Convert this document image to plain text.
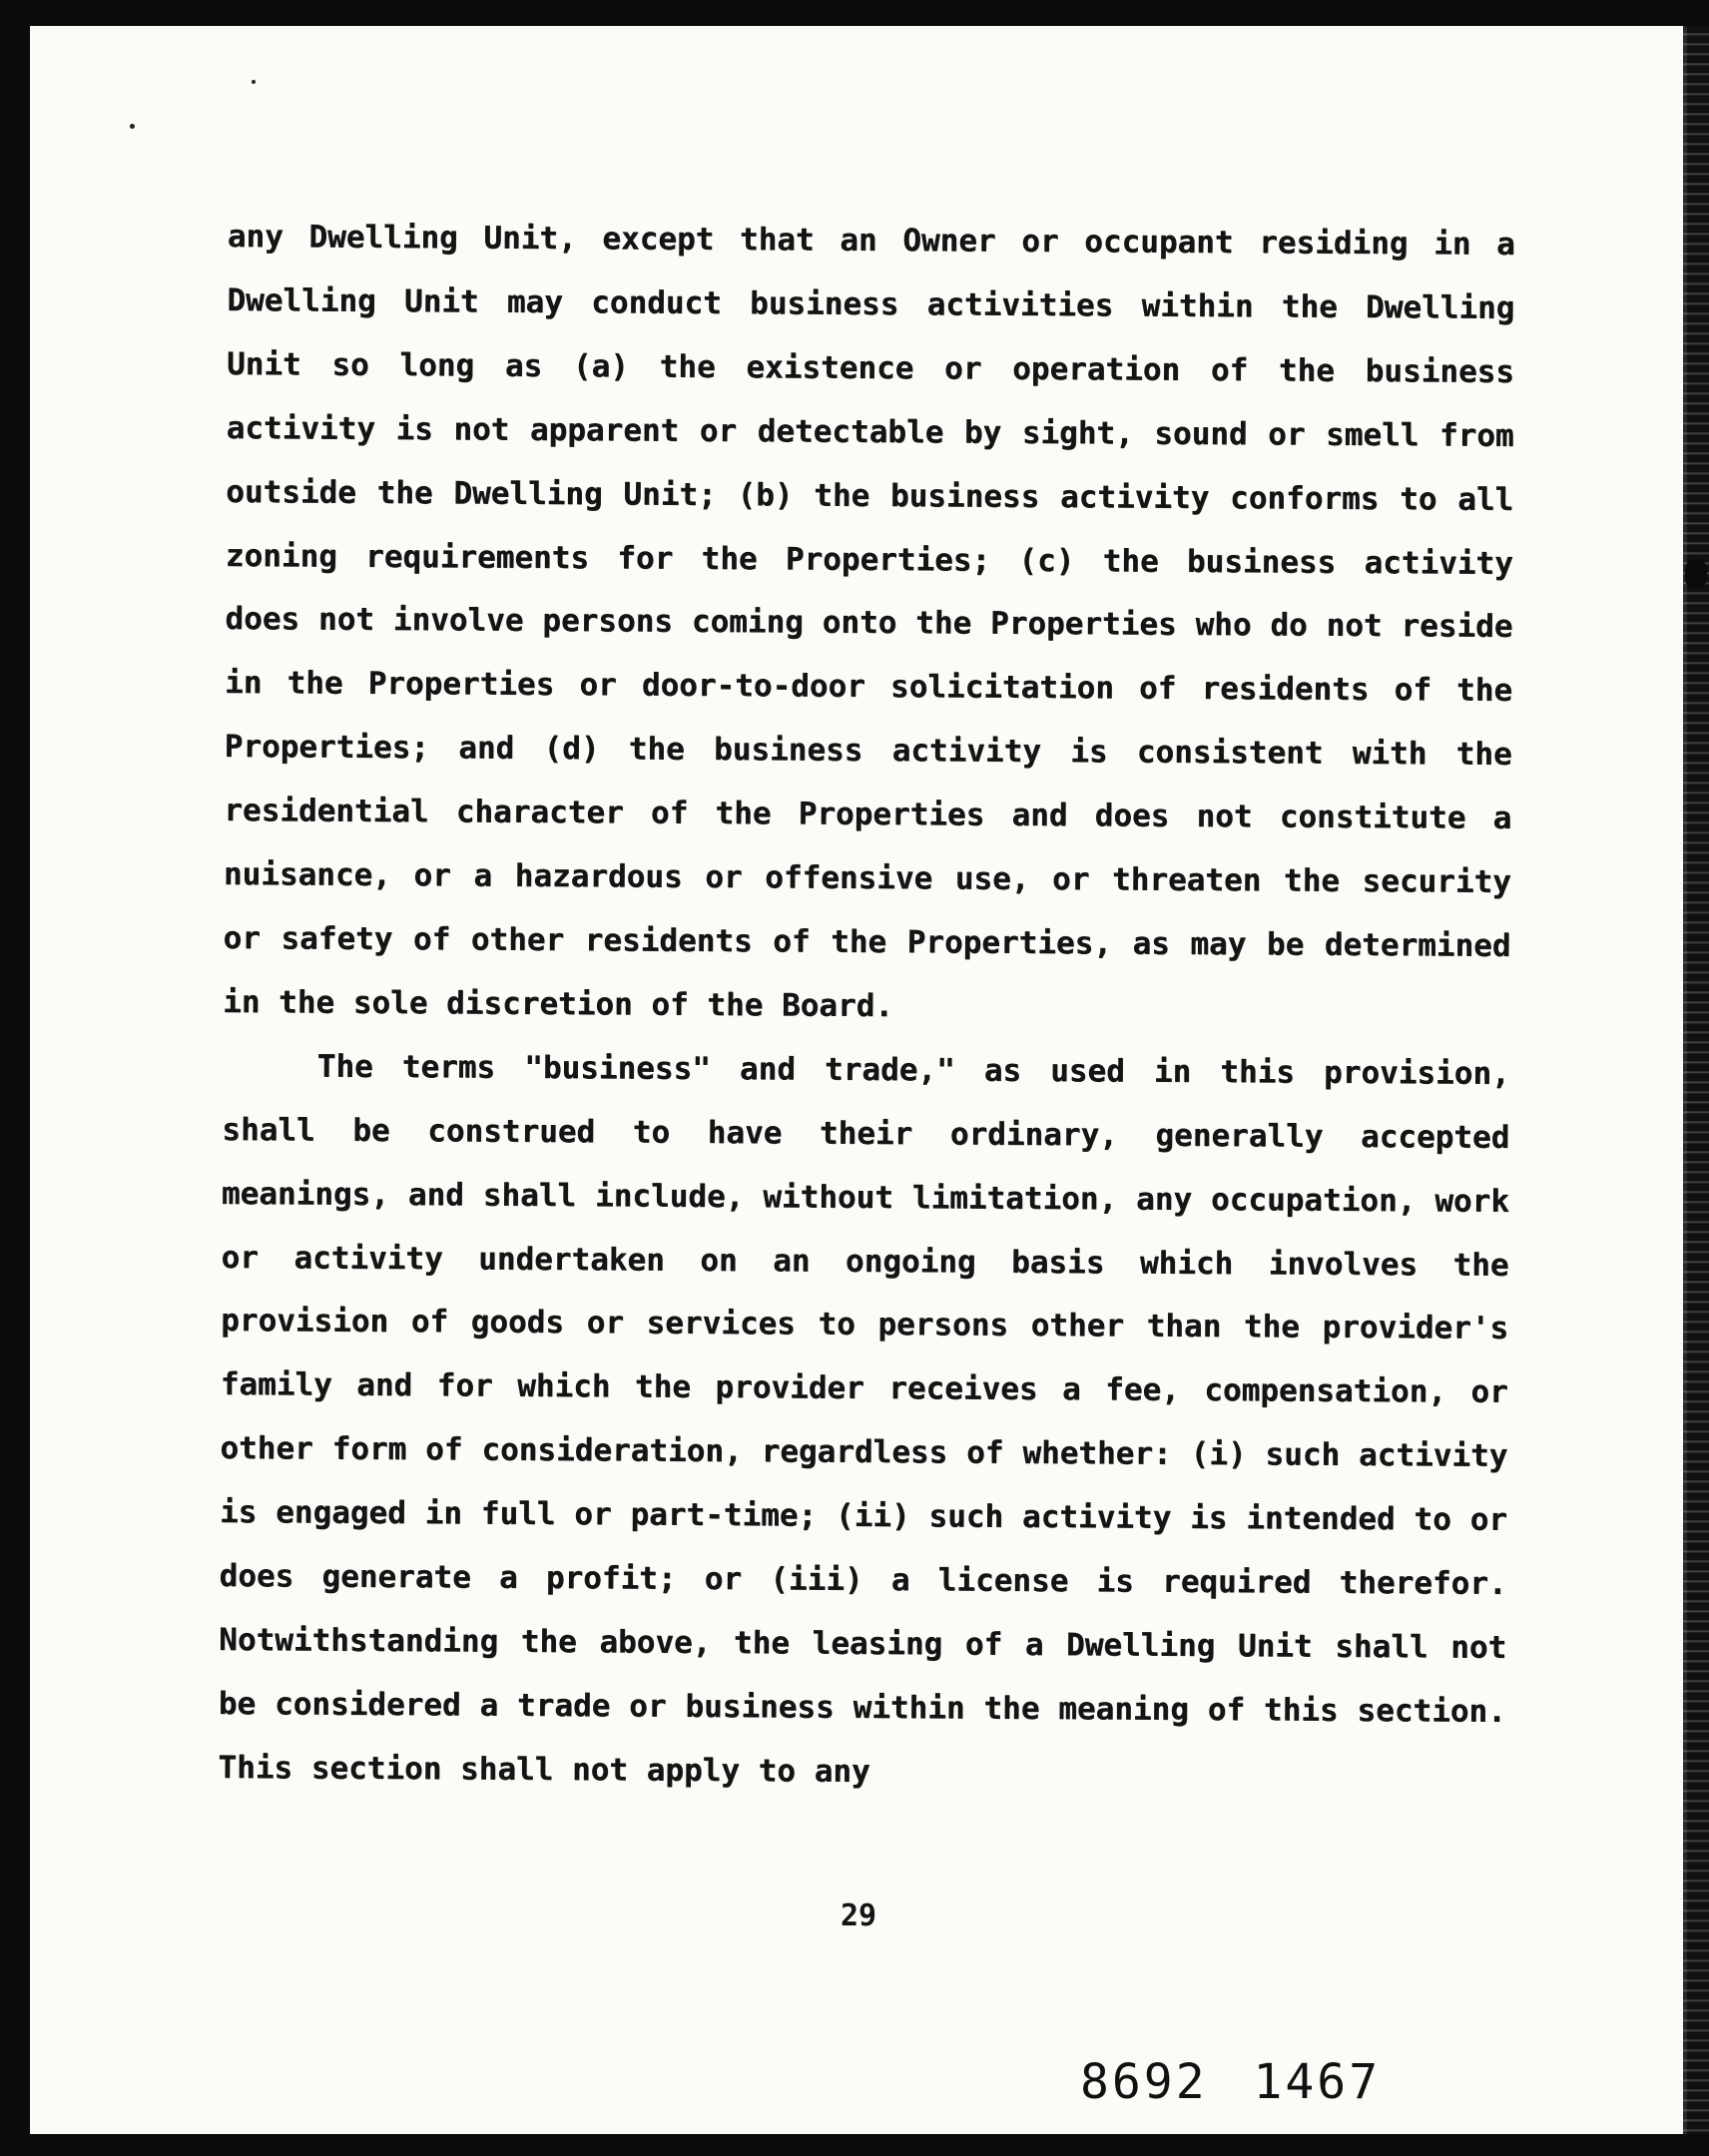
any Dwelling Unit, except that an Owner or occupant residing in a Dwelling Unit may conduct business activities within the Dwelling Unit so long as (a) the existence or operation of the business activity is not apparent or detectable by sight, sound or smell from outside the Dwelling Unit; (b) the business activity conforms to all zoning requirements for the Properties; (c) the business activity does not involve persons coming onto the Properties who do not reside in the Properties or door-to-door solicitation of residents of the Properties; and (d) the business activity is consistent with the residential character of the Properties and does not constitute a nuisance, or a hazardous or offensive use, or threaten the security or safety of other residents of the Properties, as may be determined in the sole discretion of the Board.

The terms "business" and trade," as used in this provision, shall be construed to have their ordinary, generally accepted meanings, and shall include, without limitation, any occupation, work or activity undertaken on an ongoing basis which involves the provision of goods or services to persons other than the provider's family and for which the provider receives a fee, compensation, or other form of consideration, regardless of whether: (i) such activity is engaged in full or part-time; (ii) such activity is intended to or does generate a profit; or (iii) a license is required therefor. Notwithstanding the above, the leasing of a Dwelling Unit shall not be considered a trade or business within the meaning of this section. This section shall not apply to any

29
8692 1467
